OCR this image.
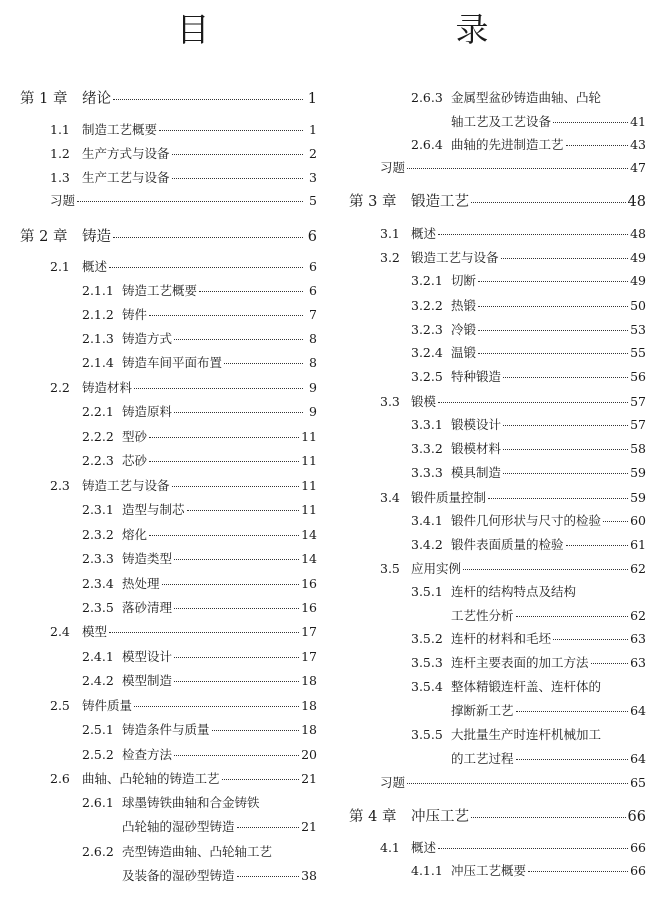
目　　录
第 1 章	绪论	1
1.1 制造工艺概要	1
1.2 生产方式与设备	2
1.3 生产工艺与设备	3
习题	5
第 2 章	铸造	6
2.1 概述	6
2.1.1 铸造工艺概要	6
2.1.2 铸件	7
2.1.3 铸造方式	8
2.1.4 铸造车间平面布置	8
2.2 铸造材料	9
2.2.1 铸造原料	9
2.2.2 型砂	11
2.2.3 芯砂	11
2.3 铸造工艺与设备	11
2.3.1 造型与制芯	11
2.3.2 熔化	14
2.3.3 铸造类型	14
2.3.4 热处理	16
2.3.5 落砂清理	16
2.4 模型	17
2.4.1 模型设计	17
2.4.2 模型制造	18
2.5 铸件质量	18
2.5.1 铸造条件与质量	18
2.5.2 检查方法	20
2.6 曲轴、凸轮轴的铸造工艺	21
2.6.1 球墨铸铁曲轴和合金铸铁
凸轮轴的湿砂型铸造	21
2.6.2 壳型铸造曲轴、凸轮轴工艺
及装备的湿砂型铸造	38
2.6.3 金属型盆砂铸造曲轴、凸轮
轴工艺及工艺设备	41
2.6.4 曲轴的先进制造工艺	43
习题	47
第 3 章	锻造工艺	48
3.1 概述	48
3.2 锻造工艺与设备	49
3.2.1 切断	49
3.2.2 热锻	50
3.2.3 冷锻	53
3.2.4 温锻	55
3.2.5 特种锻造	56
3.3 锻模	57
3.3.1 锻模设计	57
3.3.2 锻模材料	58
3.3.3 模具制造	59
3.4 锻件质量控制	59
3.4.1 锻件几何形状与尺寸的检验 60
3.4.2 锻件表面质量的检验	61
3.5 应用实例	62
3.5.1 连杆的结构特点及结构
工艺性分析	62
3.5.2 连杆的材料和毛坯	63
3.5.3 连杆主要表面的加工方法	63
3.5.4 整体精锻连杆盖、连杆体的
撑断新工艺	64
3.5.5 大批量生产时连杆机械加工
的工艺过程	64
习题	65
第 4 章	冲压工艺	66
4.1 概述	66
4.1.1 冲压工艺概要	66
